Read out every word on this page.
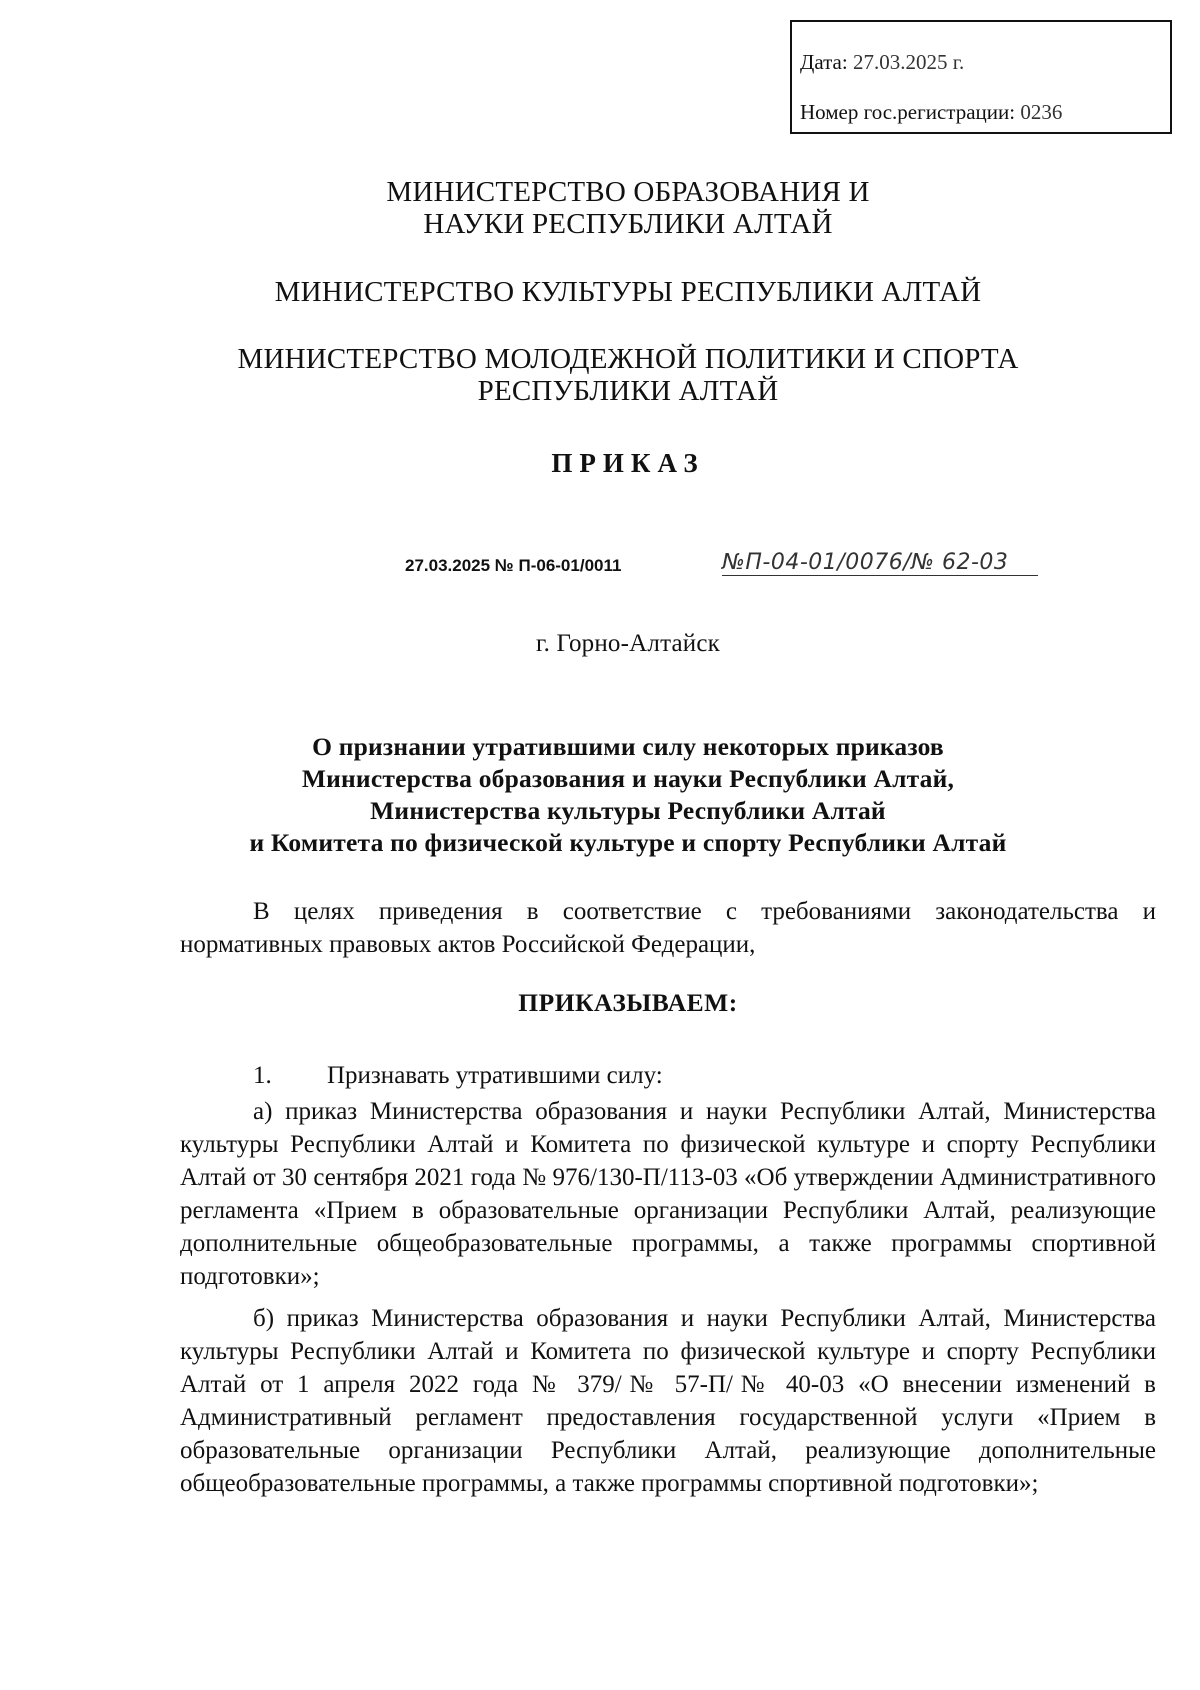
Дата: 27.03.2025 г.
Номер гос.регистрации: 0236
МИНИСТЕРСТВО ОБРАЗОВАНИЯ И
НАУКИ РЕСПУБЛИКИ АЛТАЙ
МИНИСТЕРСТВО КУЛЬТУРЫ РЕСПУБЛИКИ АЛТАЙ
МИНИСТЕРСТВО МОЛОДЕЖНОЙ ПОЛИТИКИ И СПОРТА
РЕСПУБЛИКИ АЛТАЙ
ПРИКАЗ
27.03.2025 № П-06-01/0011	№П-04-01/0076/№ 62-03
г. Горно-Алтайск
О признании утратившими силу некоторых приказов
Министерства образования и науки Республики Алтай,
Министерства культуры Республики Алтай
и Комитета по физической культуре и спорту Республики Алтай
В целях приведения в соответствие с требованиями законодательства и нормативных правовых актов Российской Федерации,
ПРИКАЗЫВАЕМ:
1. Признавать утратившими силу:
а) приказ Министерства образования и науки Республики Алтай, Министерства культуры Республики Алтай и Комитета по физической культуре и спорту Республики Алтай от 30 сентября 2021 года № 976/130-П/113-03 «Об утверждении Административного регламента «Прием в образовательные организации Республики Алтай, реализующие дополнительные общеобразовательные программы, а также программы спортивной подготовки»;
б) приказ Министерства образования и науки Республики Алтай, Министерства культуры Республики Алтай и Комитета по физической культуре и спорту Республики Алтай от 1 апреля 2022 года № 379/№ 57-П/№ 40-03 «О внесении изменений в Административный регламент предоставления государственной услуги «Прием в образовательные организации Республики Алтай, реализующие дополнительные общеобразовательные программы, а также программы спортивной подготовки»;
